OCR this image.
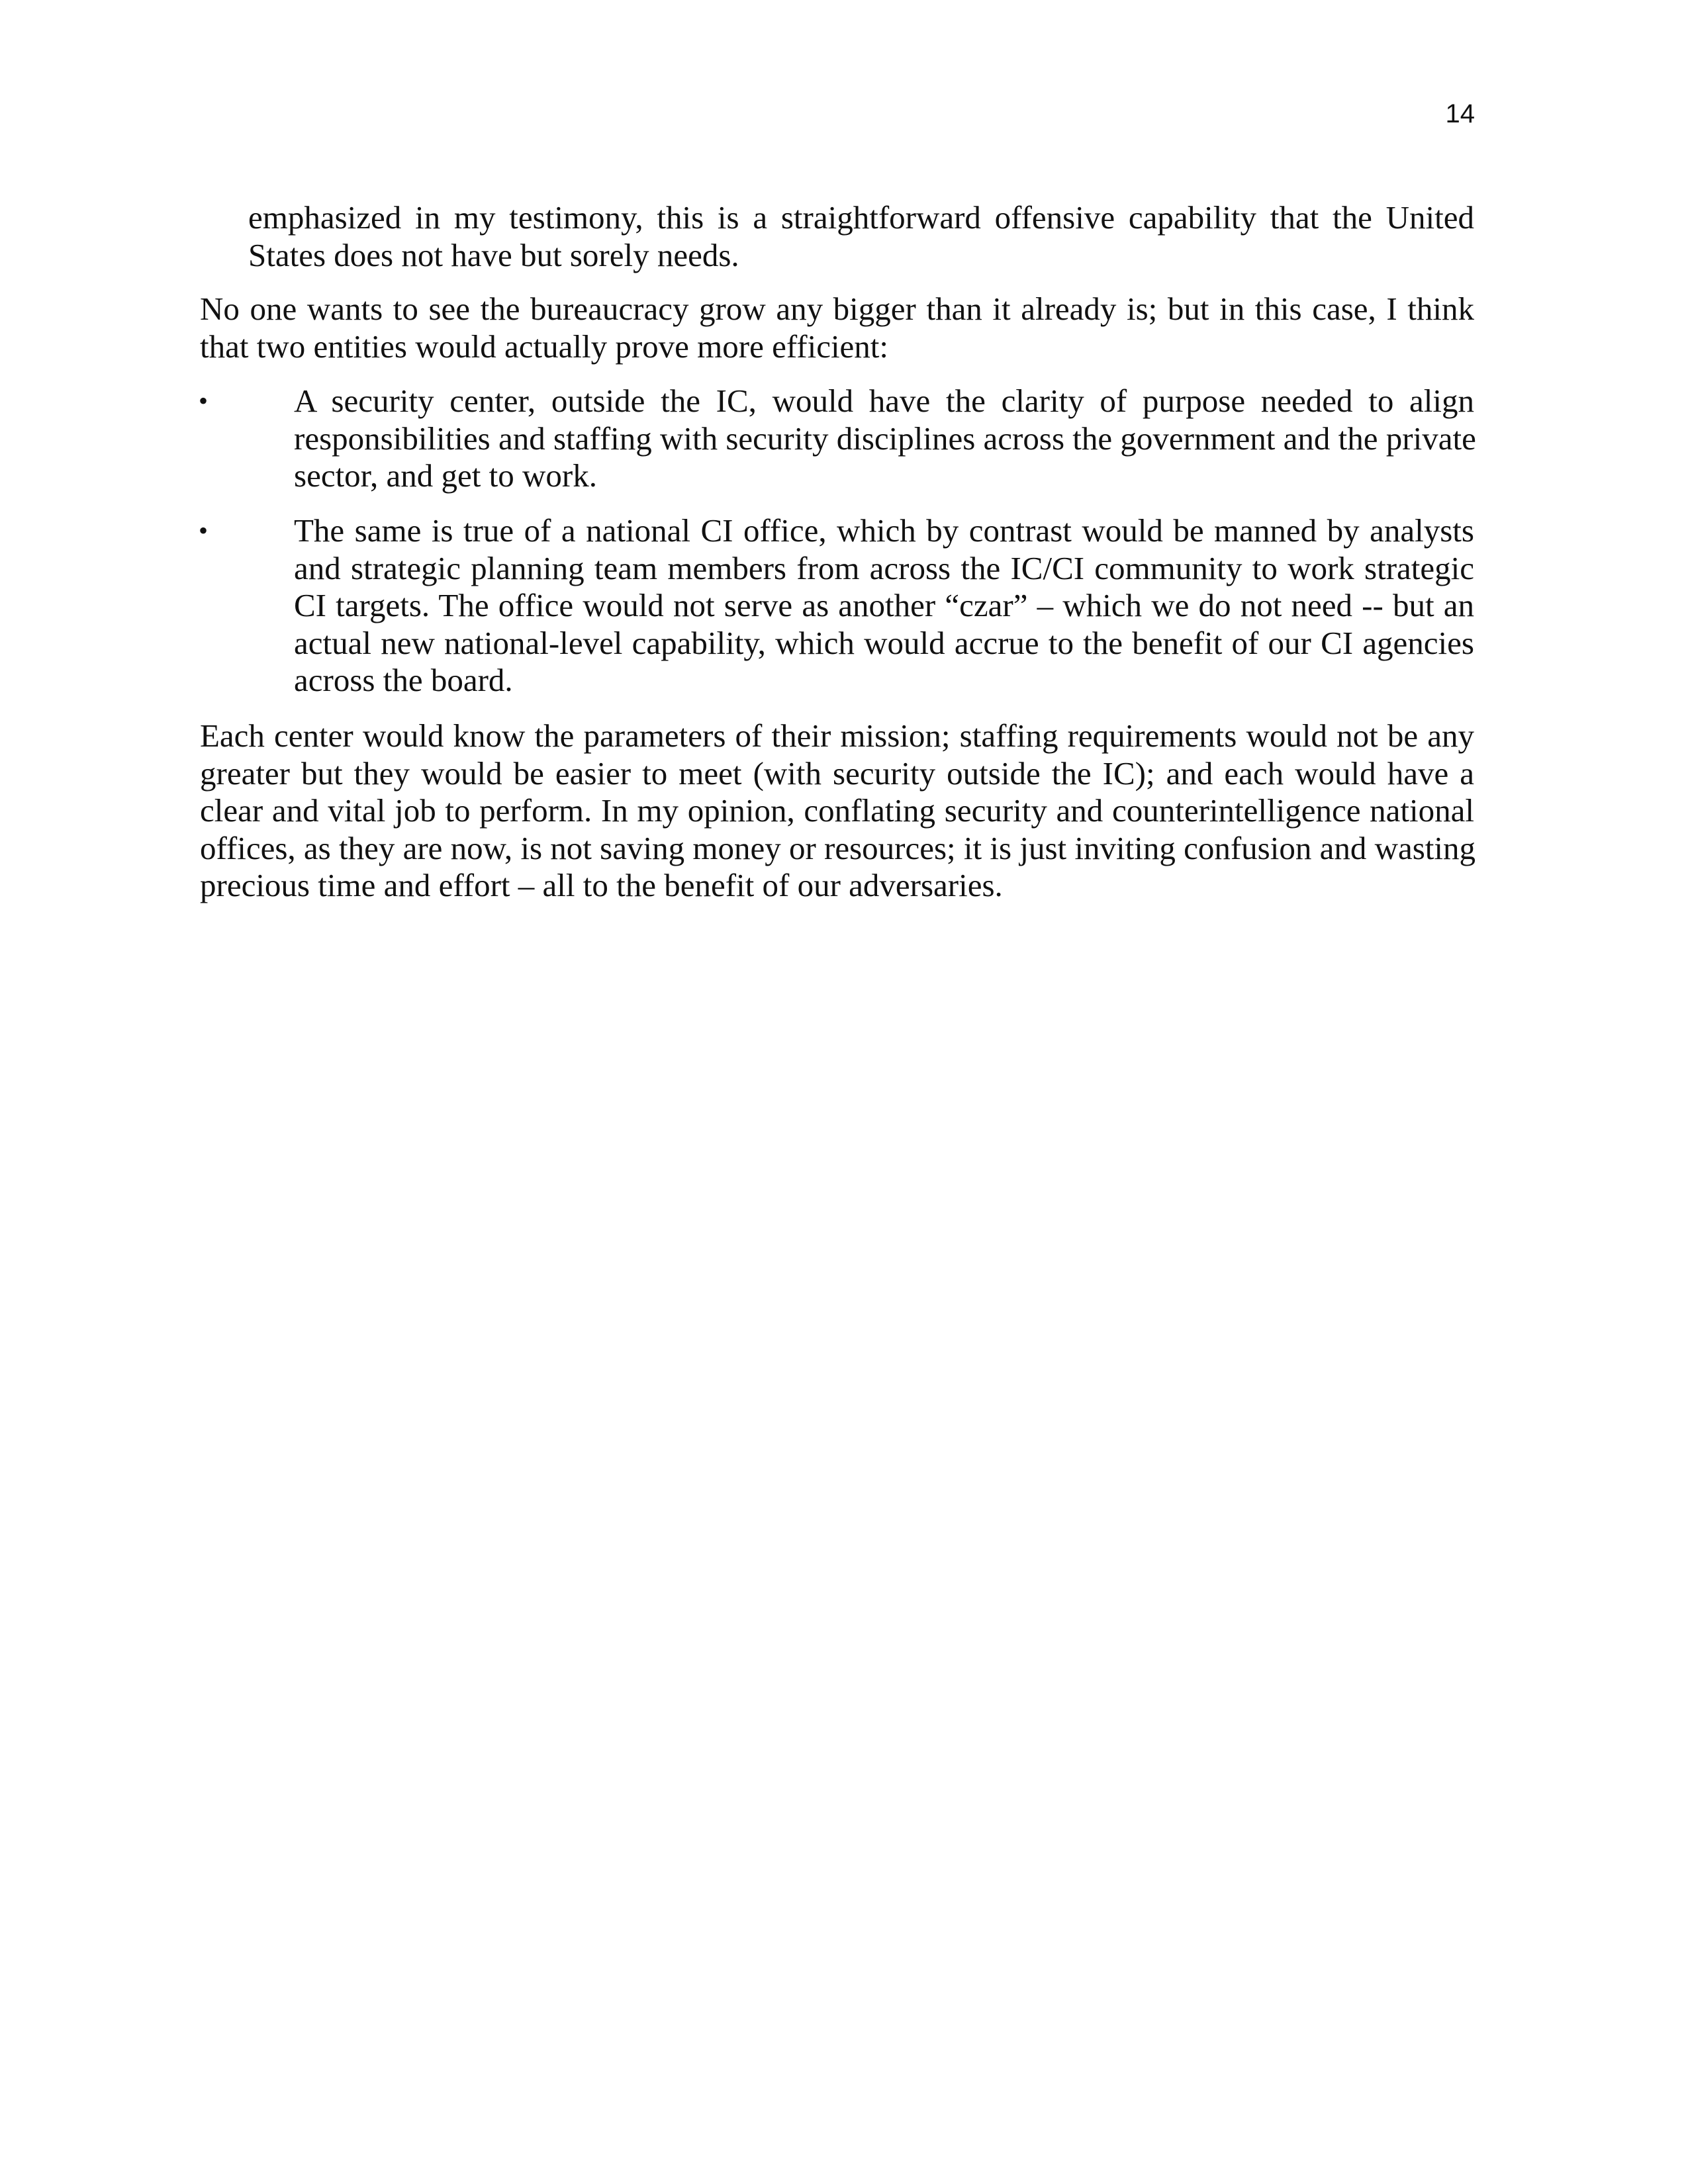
14
emphasized in my testimony, this is a straightforward offensive capability that the United
States does not have but sorely needs.
No one wants to see the bureaucracy grow any bigger than it already is; but in this case, I think
that two entities would actually prove more efficient:
•	A security center, outside the IC, would have the clarity of purpose needed to align
responsibilities and staffing with security disciplines across the government and the private
sector, and get to work.
•	The same is true of a national CI office, which by contrast would be manned by analysts
and strategic planning team members from across the IC/CI community to work strategic
CI targets. The office would not serve as another “czar” – which we do not need -- but an
actual new national-level capability, which would accrue to the benefit of our CI agencies
across the board.
Each center would know the parameters of their mission; staffing requirements would not be any
greater but they would be easier to meet (with security outside the IC); and each would have a
clear and vital job to perform. In my opinion, conflating security and counterintelligence national
offices, as they are now, is not saving money or resources; it is just inviting confusion and wasting
precious time and effort – all to the benefit of our adversaries.
